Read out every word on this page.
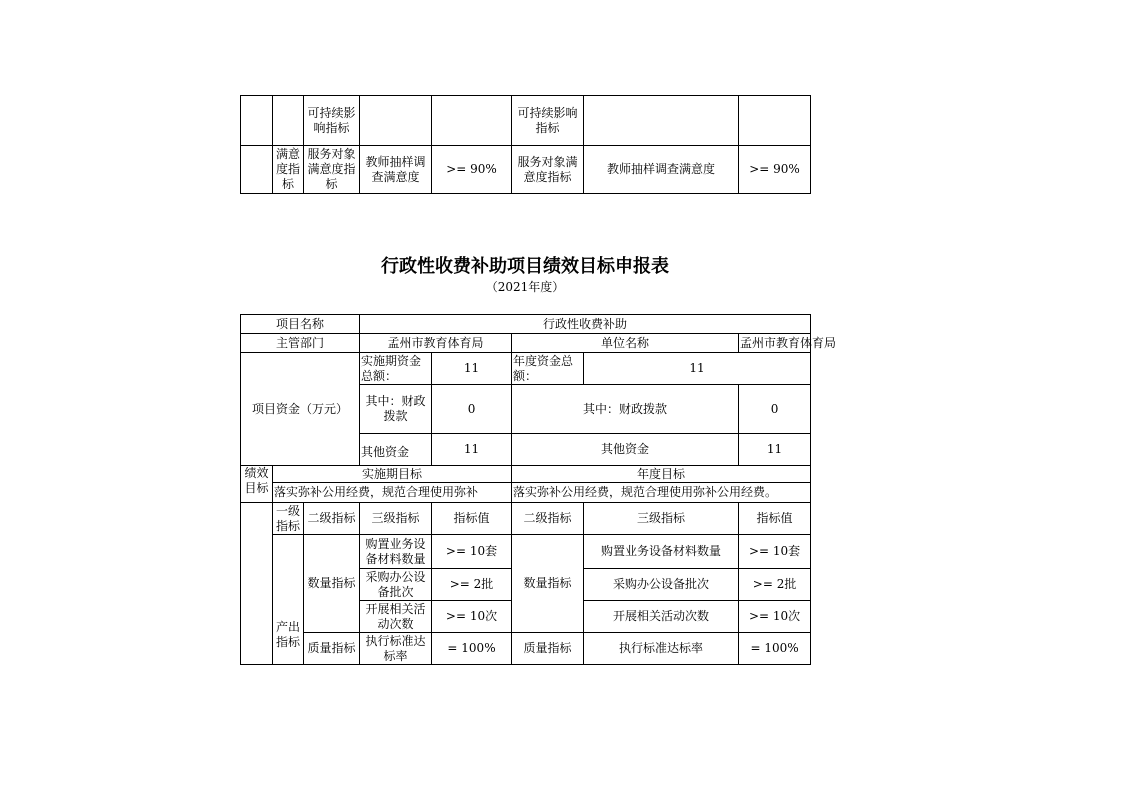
		可持续影响指标			可持续影响指标		
	满意度指标	服务对象满意度指标	教师抽样调查满意度	>= 90%	服务对象满意度指标	教师抽样调查满意度	>= 90%
行政性收费补助项目绩效目标申报表
（2021年度）
项目名称			行政性收费补助				
主管部门			孟州市教育体育局		单位名称		孟州市教育体育局
项目资金（万元）			实施期资金总额：	11	年度资金总额：	11	
			其中：财政拨款	0	其中：财政拨款		0
			其他资金	11	其他资金		11

绩效目标	实施期目标				年度目标		
	落实弥补公用经费，规范合理使用弥补				落实弥补公用经费，规范合理使用弥补公用经费。		
	一级指标	二级指标	三级指标	指标值	二级指标	三级指标	指标值
	产出指标	数量指标	购置业务设备材料数量	>= 10套	数量指标	购置业务设备材料数量	>= 10套
			采购办公设备批次	>= 2批		采购办公设备批次	>= 2批
			开展相关活动次数	>= 10次		开展相关活动次数	>= 10次
		质量指标	执行标准达标率	= 100%	质量指标	执行标准达标率	= 100%
